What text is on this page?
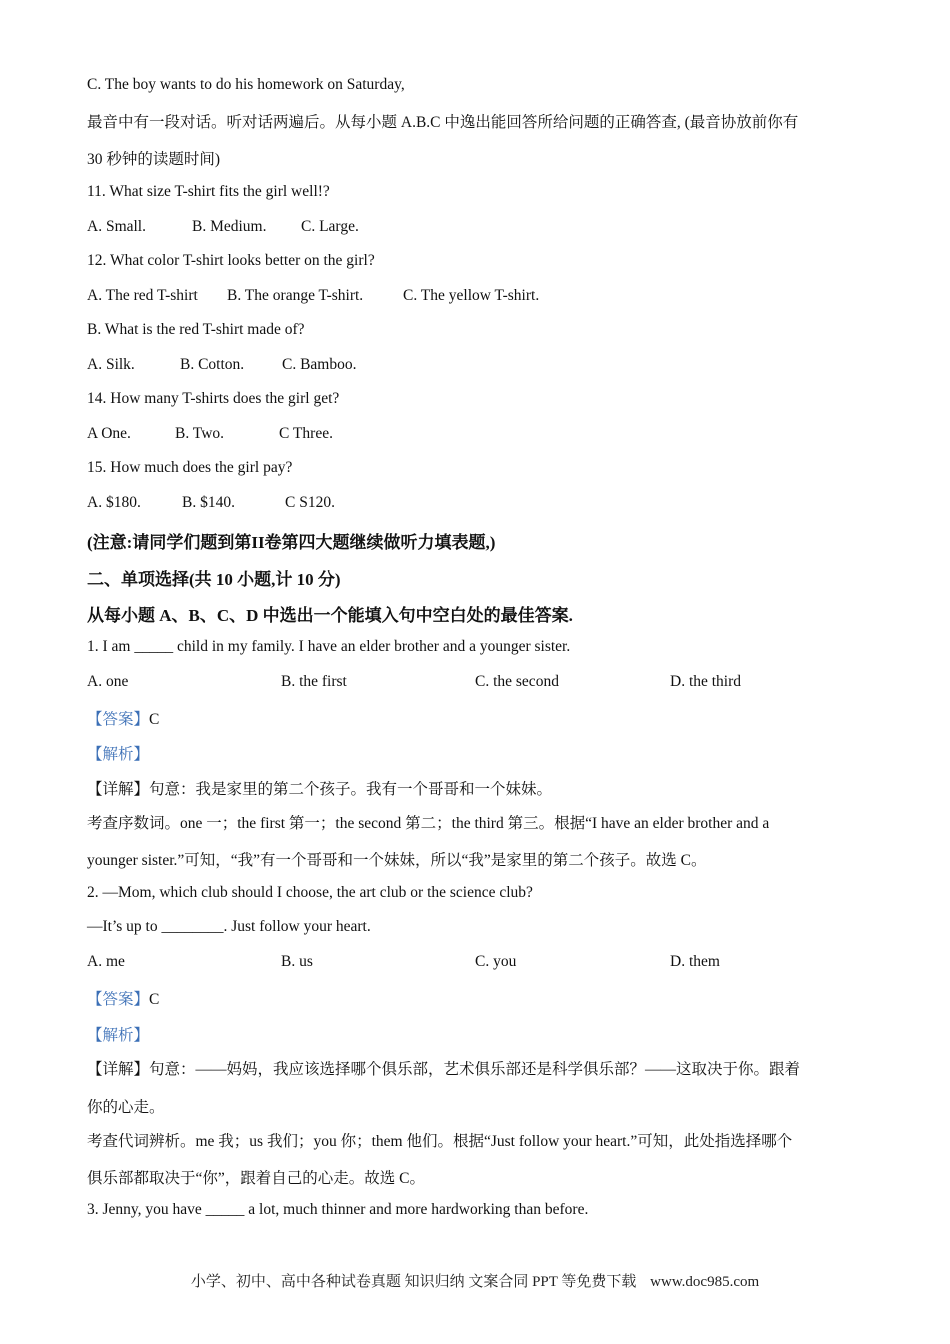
C. The boy wants to do his homework on Saturday,
最音中有一段对话。听对话两遍后。从每小题 A.B.C 中逸出能回答所给问题的正确答查, (最音协放前你有
30 秒钟的读题时间)
11. What size T-shirt fits the girl well!?
A. Small.	B. Medium. C. Large.
12. What color T-shirt looks better on the girl?
A. The red T-shirt B. The orange T-shirt.	C. The yellow T-shirt.
B. What is the red T-shirt made of?
A. Silk.	B. Cotton. C. Bamboo.
14. How many T-shirts does the girl get?
A One.	B. Two.	C Three.
15. How much does the girl pay?
A. $180.	B. $140.	C S120.
(注意:请同学们题到第II卷第四大题继续做听力填表题,)
二、单项选择(共 10 小题,计 10 分)
从每小题 A、B、C、D 中选出一个能填入句中空白处的最佳答案.
1. I am _____ child in my family. I have an elder brother and a younger sister.
A. one	B. the first	C. the second	D. the third
【答案】C
【解析】
【详解】句意：我是家里的第二个孩子。我有一个哥哥和一个妹妹。
考查序数词。one 一；the first 第一；the second 第二；the third 第三。根据“I have an elder brother and a
younger sister.”可知，“我”有一个哥哥和一个妹妹，所以“我”是家里的第二个孩子。故选 C。
2. —Mom, which club should I choose, the art club or the science club?
—It’s up to ________. Just follow your heart.
A. me	B. us	C. you	D. them
【答案】C
【解析】
【详解】句意：——妈妈，我应该选择哪个俱乐部，艺术俱乐部还是科学俱乐部？——这取决于你。跟着
你的心走。
考查代词辨析。me 我；us 我们；you 你；them 他们。根据“Just follow your heart.”可知，此处指选择哪个
俱乐部都取决于“你”，跟着自己的心走。故选 C。
3. Jenny, you have _____ a lot, much thinner and more hardworking than before.
小学、初中、高中各种试卷真题 知识归纳 文案合同 PPT 等免费下载 www.doc985.com
